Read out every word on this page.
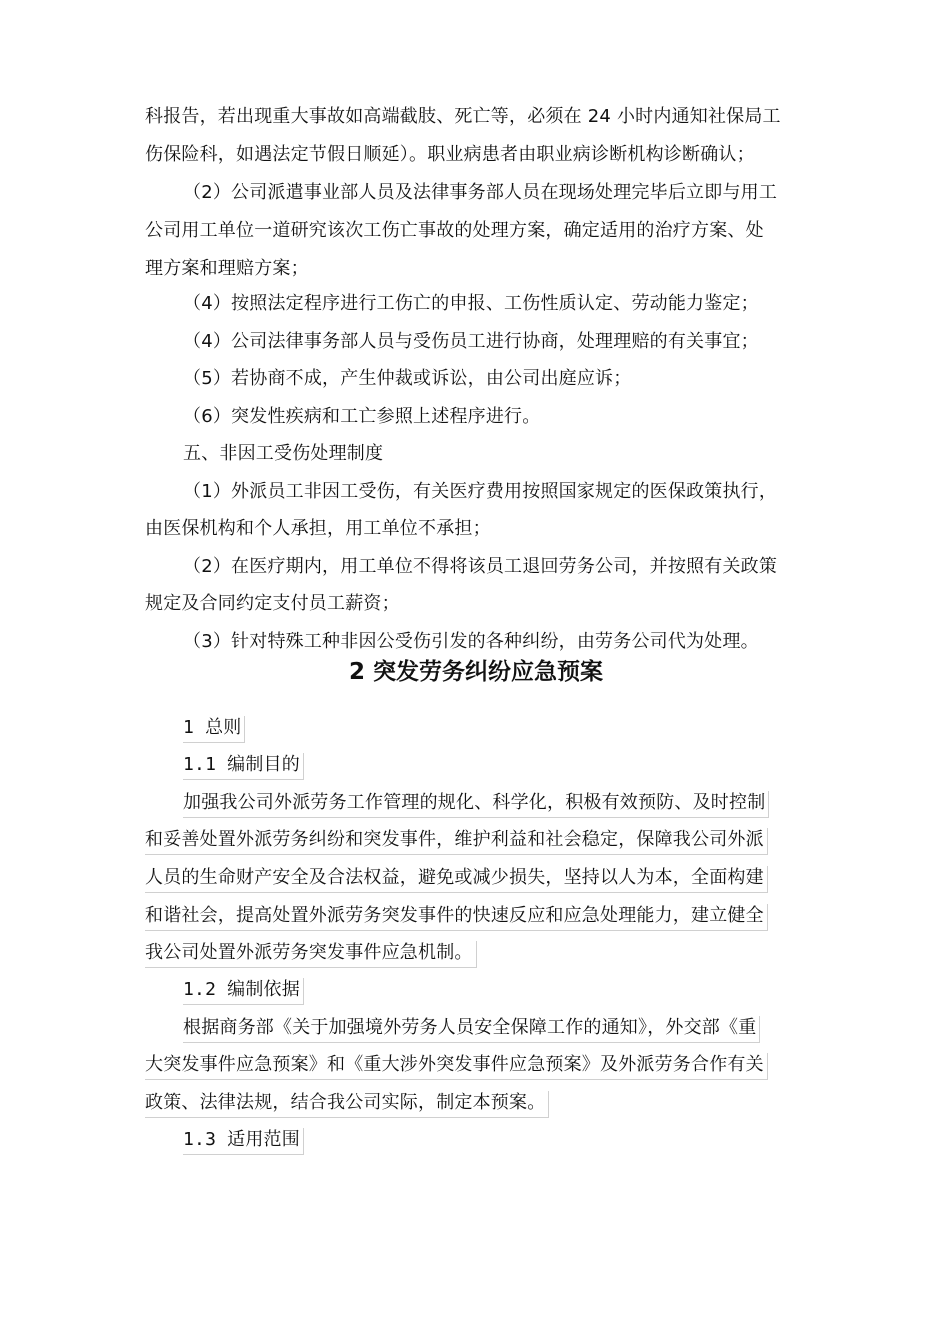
科报告，若出现重大事故如高端截肢、死亡等，必须在 24 小时内通知社保局工
伤保险科，如遇法定节假日顺延）。职业病患者由职业病诊断机构诊断确认；
（2）公司派遣事业部人员及法律事务部人员在现场处理完毕后立即与用工
公司用工单位一道研究该次工伤亡事故的处理方案，确定适用的治疗方案、处
理方案和理赔方案；
（4）按照法定程序进行工伤亡的申报、工伤性质认定、劳动能力鉴定；
（4）公司法律事务部人员与受伤员工进行协商，处理理赔的有关事宜；
（5）若协商不成，产生仲裁或诉讼，由公司出庭应诉；
（6）突发性疾病和工亡参照上述程序进行。
五、非因工受伤处理制度
（1）外派员工非因工受伤，有关医疗费用按照国家规定的医保政策执行，
由医保机构和个人承担，用工单位不承担；
（2）在医疗期内，用工单位不得将该员工退回劳务公司，并按照有关政策
规定及合同约定支付员工薪资；
（3）针对特殊工种非因公受伤引发的各种纠纷，由劳务公司代为处理。
2 突发劳务纠纷应急预案
1 总则
1.1 编制目的
加强我公司外派劳务工作管理的规化、科学化，积极有效预防、及时控制
和妥善处置外派劳务纠纷和突发事件，维护利益和社会稳定，保障我公司外派
人员的生命财产安全及合法权益，避免或减少损失，坚持以人为本，全面构建
和谐社会，提高处置外派劳务突发事件的快速反应和应急处理能力，建立健全
我公司处置外派劳务突发事件应急机制。
1.2 编制依据
根据商务部《关于加强境外劳务人员安全保障工作的通知》，外交部《重
大突发事件应急预案》和《重大涉外突发事件应急预案》及外派劳务合作有关
政策、法律法规，结合我公司实际，制定本预案。
1.3 适用范围
